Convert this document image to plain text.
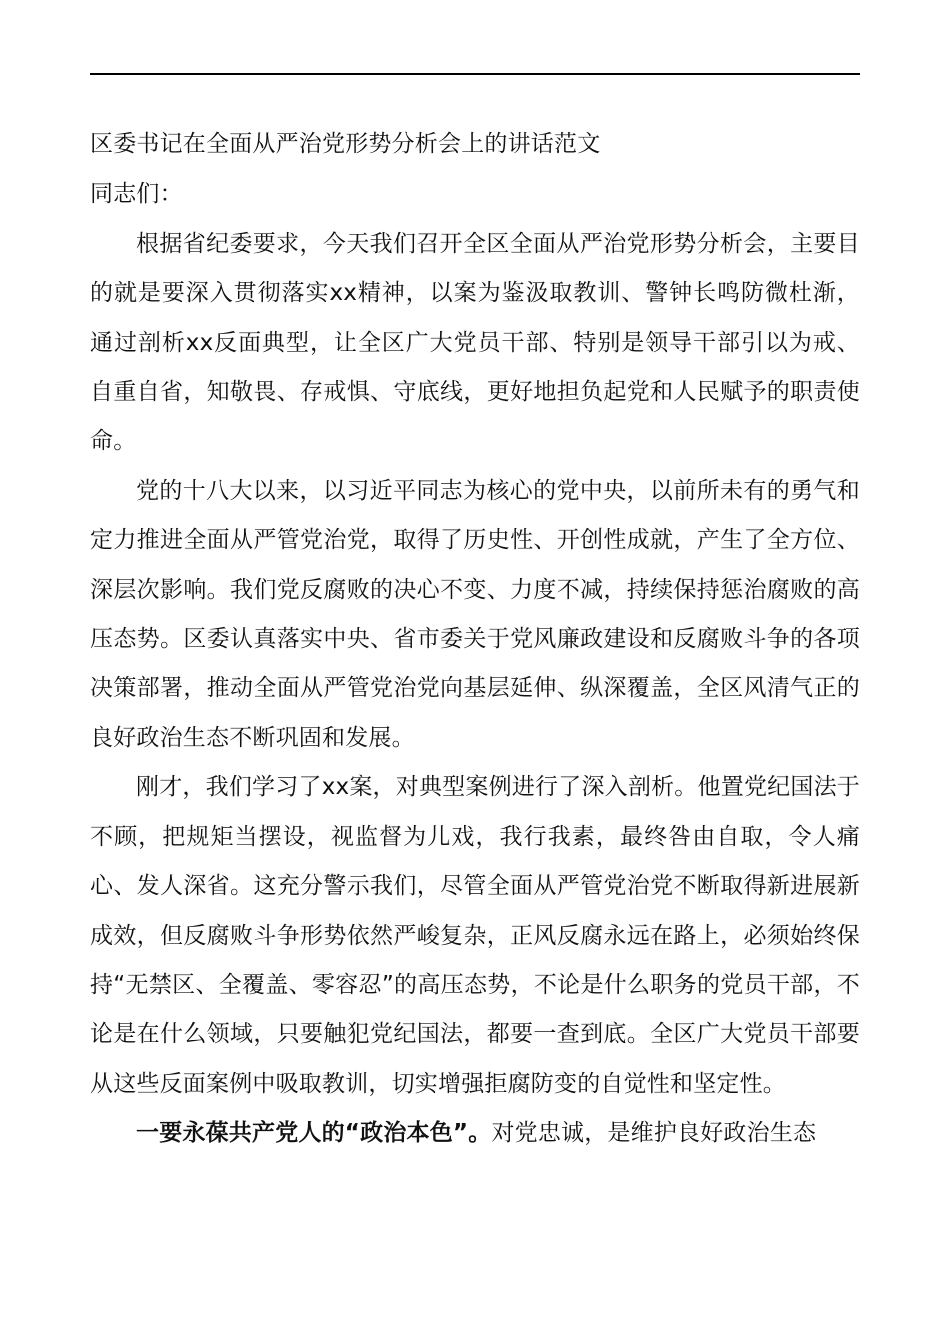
区委书记在全面从严治党形势分析会上的讲话范文

同志们：

根据省纪委要求，今天我们召开全区全面从严治党形势分析会，主要目的就是要深入贯彻落实xx精神，以案为鉴汲取教训、警钟长鸣防微杜渐，通过剖析xx反面典型，让全区广大党员干部、特别是领导干部引以为戒、自重自省，知敬畏、存戒惧、守底线，更好地担负起党和人民赋予的职责使命。

党的十八大以来，以习近平同志为核心的党中央，以前所未有的勇气和定力推进全面从严管党治党，取得了历史性、开创性成就，产生了全方位、深层次影响。我们党反腐败的决心不变、力度不减，持续保持惩治腐败的高压态势。区委认真落实中央、省市委关于党风廉政建设和反腐败斗争的各项决策部署，推动全面从严管党治党向基层延伸、纵深覆盖，全区风清气正的良好政治生态不断巩固和发展。

刚才，我们学习了xx案，对典型案例进行了深入剖析。他置党纪国法于不顾，把规矩当摆设，视监督为儿戏，我行我素，最终咎由自取，令人痛心、发人深省。这充分警示我们，尽管全面从严管党治党不断取得新进展新成效，但反腐败斗争形势依然严峻复杂，正风反腐永远在路上，必须始终保持“无禁区、全覆盖、零容忍”的高压态势，不论是什么职务的党员干部，不论是在什么领域，只要触犯党纪国法，都要一查到底。全区广大党员干部要从这些反面案例中吸取教训，切实增强拒腐防变的自觉性和坚定性。

一要永葆共产党人的“政治本色”。对党忠诚，是维护良好政治生态
